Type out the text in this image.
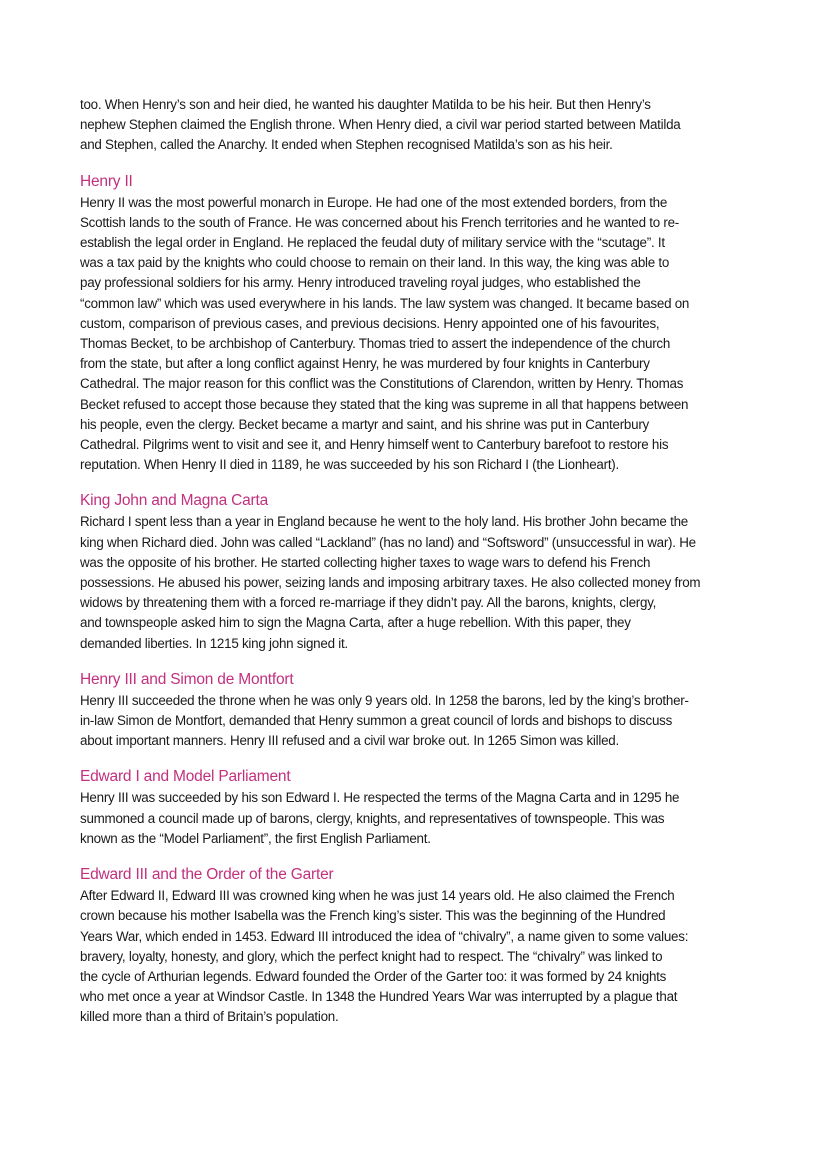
too. When Henry’s son and heir died, he wanted his daughter Matilda to be his heir. But then Henry’s
nephew Stephen claimed the English throne. When Henry died, a civil war period started between Matilda
and Stephen, called the Anarchy. It ended when Stephen recognised Matilda’s son as his heir.
Henry II
Henry II was the most powerful monarch in Europe. He had one of the most extended borders, from the
Scottish lands to the south of France. He was concerned about his French territories and he wanted to re-
establish the legal order in England. He replaced the feudal duty of military service with the “scutage”. It
was a tax paid by the knights who could choose to remain on their land. In this way, the king was able to
pay professional soldiers for his army. Henry introduced traveling royal judges, who established the
“common law” which was used everywhere in his lands. The law system was changed. It became based on
custom, comparison of previous cases, and previous decisions. Henry appointed one of his favourites,
Thomas Becket, to be archbishop of Canterbury. Thomas tried to assert the independence of the church
from the state, but after a long conflict against Henry, he was murdered by four knights in Canterbury
Cathedral. The major reason for this conflict was the Constitutions of Clarendon, written by Henry. Thomas
Becket refused to accept those because they stated that the king was supreme in all that happens between
his people, even the clergy. Becket became a martyr and saint, and his shrine was put in Canterbury
Cathedral. Pilgrims went to visit and see it, and Henry himself went to Canterbury barefoot to restore his
reputation. When Henry II died in 1189, he was succeeded by his son Richard I (the Lionheart).
King John and Magna Carta
Richard I spent less than a year in England because he went to the holy land. His brother John became the
king when Richard died. John was called “Lackland” (has no land) and “Softsword” (unsuccessful in war). He
was the opposite of his brother. He started collecting higher taxes to wage wars to defend his French
possessions. He abused his power, seizing lands and imposing arbitrary taxes. He also collected money from
widows by threatening them with a forced re-marriage if they didn’t pay. All the barons, knights, clergy,
and townspeople asked him to sign the Magna Carta, after a huge rebellion. With this paper, they
demanded liberties. In 1215 king john signed it.
Henry III and Simon de Montfort
Henry III succeeded the throne when he was only 9 years old. In 1258 the barons, led by the king’s brother-
in-law Simon de Montfort, demanded that Henry summon a great council of lords and bishops to discuss
about important manners. Henry III refused and a civil war broke out. In 1265 Simon was killed.
Edward I and Model Parliament
Henry III was succeeded by his son Edward I. He respected the terms of the Magna Carta and in 1295 he
summoned a council made up of barons, clergy, knights, and representatives of townspeople. This was
known as the “Model Parliament”, the first English Parliament.
Edward III and the Order of the Garter
After Edward II, Edward III was crowned king when he was just 14 years old. He also claimed the French
crown because his mother Isabella was the French king’s sister. This was the beginning of the Hundred
Years War, which ended in 1453. Edward III introduced the idea of “chivalry”, a name given to some values:
bravery, loyalty, honesty, and glory, which the perfect knight had to respect. The “chivalry” was linked to
the cycle of Arthurian legends. Edward founded the Order of the Garter too: it was formed by 24 knights
who met once a year at Windsor Castle. In 1348 the Hundred Years War was interrupted by a plague that
killed more than a third of Britain’s population.
